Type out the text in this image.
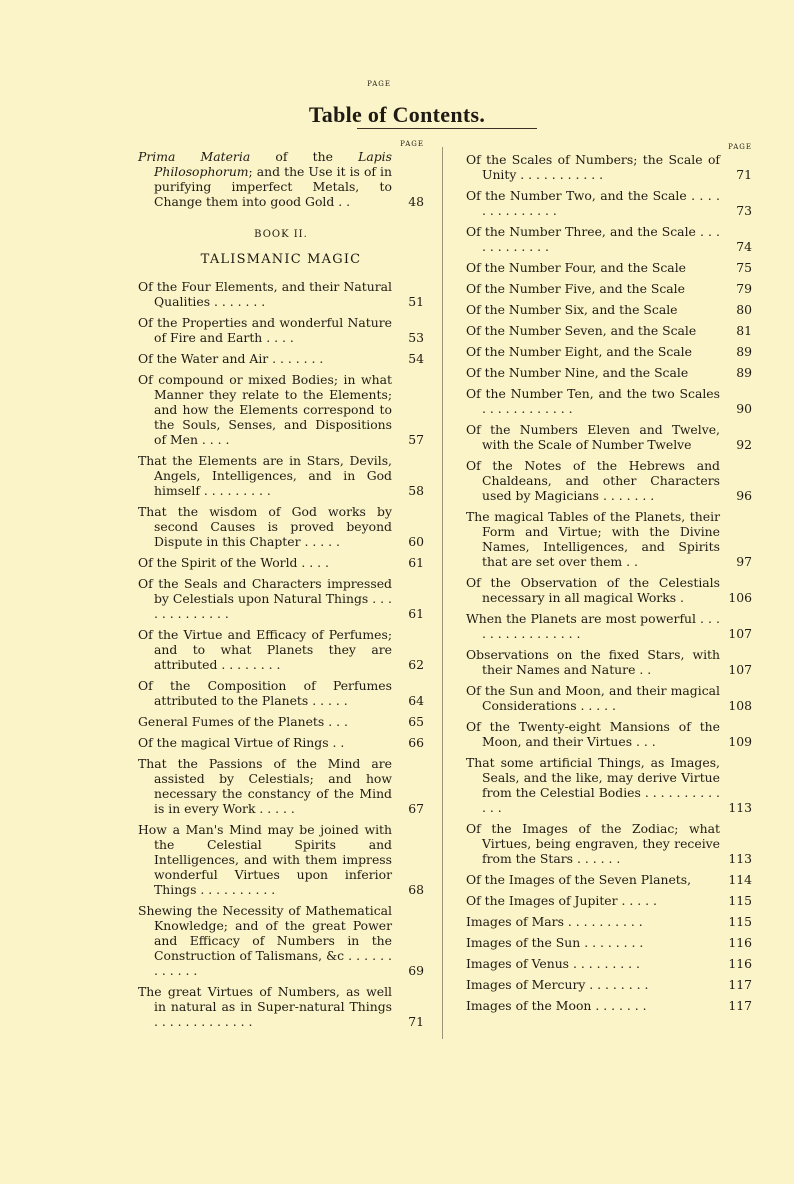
PAGE
Table of Contents.
PAGE
Prima Materia of the Lapis Philosophorum; and the Use it is of in purifying imperfect Metals, to Change them into good Gold . .	48
BOOK II.
TALISMANIC MAGIC
Of the Four Elements, and their Natural Qualities . . . . . . .	51
Of the Properties and wonderful Nature of Fire and Earth . . . .	53
Of the Water and Air . . . . . . .	54
Of compound or mixed Bodies; in what Manner they relate to the Elements; and how the Elements correspond to the Souls, Senses, and Dispositions of Men . . . .	57
That the Elements are in Stars, Devils, Angels, Intelligences, and in God himself . . . . . . . . .	58
That the wisdom of God works by second Causes is proved beyond Dispute in this Chapter . . . . .	60
Of the Spirit of the World . . . .	61
Of the Seals and Characters impressed by Celestials upon Natural Things . . . . . . . . . . . . .	61
Of the Virtue and Efficacy of Perfumes; and to what Planets they are attributed . . . . . . . .	62
Of the Composition of Perfumes attributed to the Planets . . . . .	64
General Fumes of the Planets . . .	65
Of the magical Virtue of Rings . .	66
That the Passions of the Mind are assisted by Celestials; and how necessary the constancy of the Mind is in every Work . . . . .	67
How a Man's Mind may be joined with the Celestial Spirits and Intelligences, and with them impress wonderful Virtues upon inferior Things . . . . . . . . . .	68
Shewing the Necessity of Mathematical Knowledge; and of the great Power and Efficacy of Numbers in the Construction of Talismans, &c . . . . . . . . . . . .	69
The great Virtues of Numbers, as well in natural as in Super-natural Things . . . . . . . . . . . . .	71
PAGE
Of the Scales of Numbers; the Scale of Unity . . . . . . . . . . .	71
Of the Number Two, and the Scale . . . . . . . . . . . . . .	73
Of the Number Three, and the Scale . . . . . . . . . . . .	74
Of the Number Four, and the Scale	75
Of the Number Five, and the Scale	79
Of the Number Six, and the Scale	80
Of the Number Seven, and the Scale	81
Of the Number Eight, and the Scale	89
Of the Number Nine, and the Scale	89
Of the Number Ten, and the two Scales . . . . . . . . . . . .	90
Of the Numbers Eleven and Twelve, with the Scale of Number Twelve	92
Of the Notes of the Hebrews and Chaldeans, and other Characters used by Magicians . . . . . . .	96
The magical Tables of the Planets, their Form and Virtue; with the Divine Names, Intelligences, and Spirits that are set over them . .	97
Of the Observation of the Celestials necessary in all magical Works .	106
When the Planets are most powerful . . . . . . . . . . . . . . . .	107
Observations on the fixed Stars, with their Names and Nature . .	107
Of the Sun and Moon, and their magical Considerations . . . . .	108
Of the Twenty-eight Mansions of the Moon, and their Virtues . . .	109
That some artificial Things, as Images, Seals, and the like, may derive Virtue from the Celestial Bodies . . . . . . . . . . . . .	113
Of the Images of the Zodiac; what Virtues, being engraven, they receive from the Stars . . . . . .	113
Of the Images of the Seven Planets,	114
Of the Images of Jupiter . . . . .	115
Images of Mars . . . . . . . . . .	115
Images of the Sun . . . . . . . .	116
Images of Venus . . . . . . . . .	116
Images of Mercury . . . . . . . .	117
Images of the Moon . . . . . . .	117
